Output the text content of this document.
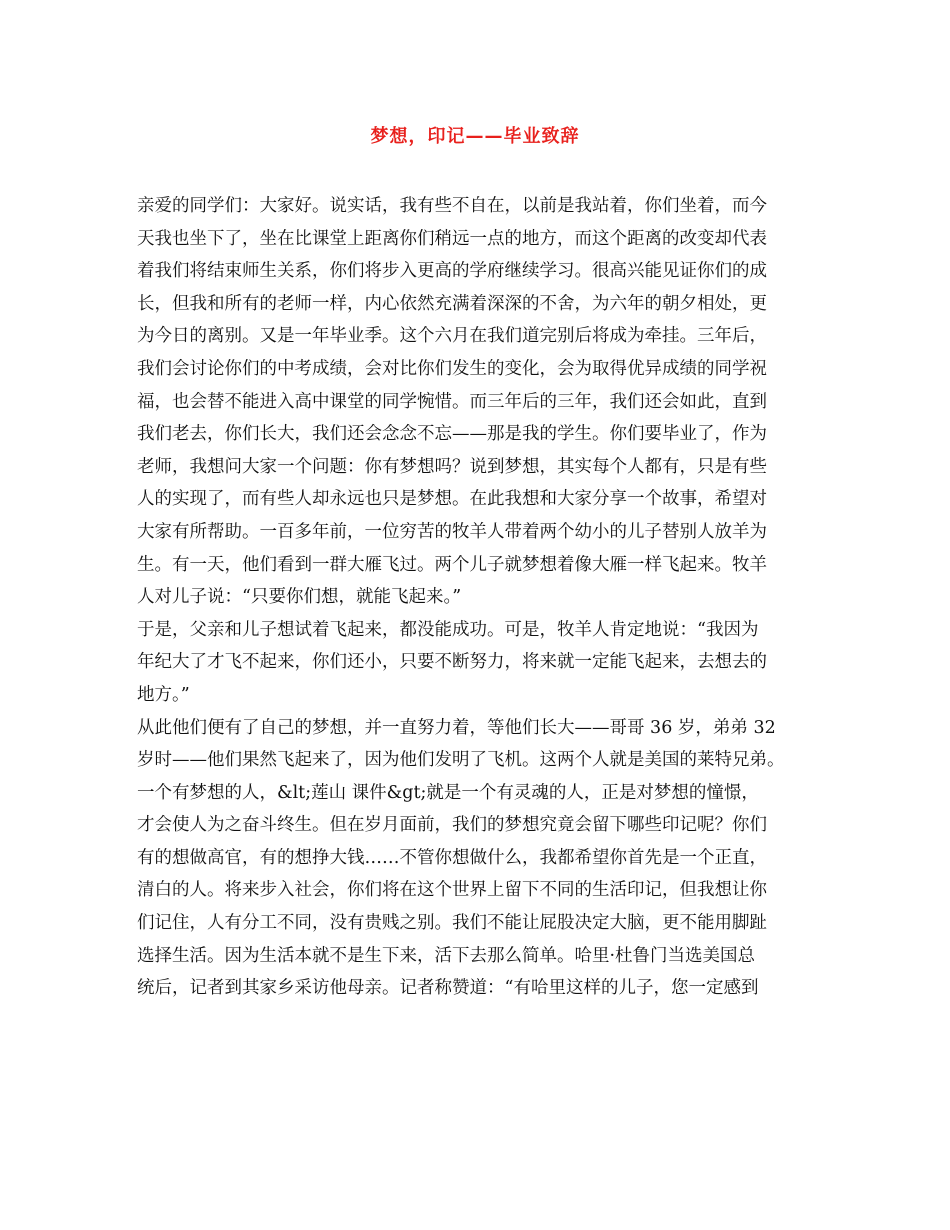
梦想，印记——毕业致辞
亲爱的同学们：大家好。说实话，我有些不自在，以前是我站着，你们坐着，而今
天我也坐下了，坐在比课堂上距离你们稍远一点的地方，而这个距离的改变却代表
着我们将结束师生关系，你们将步入更高的学府继续学习。很高兴能见证你们的成
长，但我和所有的老师一样，内心依然充满着深深的不舍，为六年的朝夕相处，更
为今日的离别。又是一年毕业季。这个六月在我们道完别后将成为牵挂。三年后，
我们会讨论你们的中考成绩，会对比你们发生的变化，会为取得优异成绩的同学祝
福，也会替不能进入高中课堂的同学惋惜。而三年后的三年，我们还会如此，直到
我们老去，你们长大，我们还会念念不忘——那是我的学生。你们要毕业了，作为
老师，我想问大家一个问题：你有梦想吗？说到梦想，其实每个人都有，只是有些
人的实现了，而有些人却永远也只是梦想。在此我想和大家分享一个故事，希望对
大家有所帮助。一百多年前，一位穷苦的牧羊人带着两个幼小的儿子替别人放羊为
生。有一天，他们看到一群大雁飞过。两个儿子就梦想着像大雁一样飞起来。牧羊
人对儿子说：“只要你们想，就能飞起来。”
于是，父亲和儿子想试着飞起来，都没能成功。可是，牧羊人肯定地说：“我因为
年纪大了才飞不起来，你们还小，只要不断努力，将来就一定能飞起来，去想去的
地方。”
从此他们便有了自己的梦想，并一直努力着，等他们长大——哥哥 36 岁，弟弟 32
岁时——他们果然飞起来了，因为他们发明了飞机。这两个人就是美国的莱特兄弟。
一个有梦想的人，&lt;莲山 课件&gt;就是一个有灵魂的人，正是对梦想的憧憬，
才会使人为之奋斗终生。但在岁月面前，我们的梦想究竟会留下哪些印记呢？你们
有的想做高官，有的想挣大钱……不管你想做什么，我都希望你首先是一个正直，
清白的人。将来步入社会，你们将在这个世界上留下不同的生活印记，但我想让你
们记住，人有分工不同，没有贵贱之别。我们不能让屁股决定大脑，更不能用脚趾
选择生活。因为生活本就不是生下来，活下去那么简单。哈里·杜鲁门当选美国总
统后，记者到其家乡采访他母亲。记者称赞道：“有哈里这样的儿子，您一定感到
